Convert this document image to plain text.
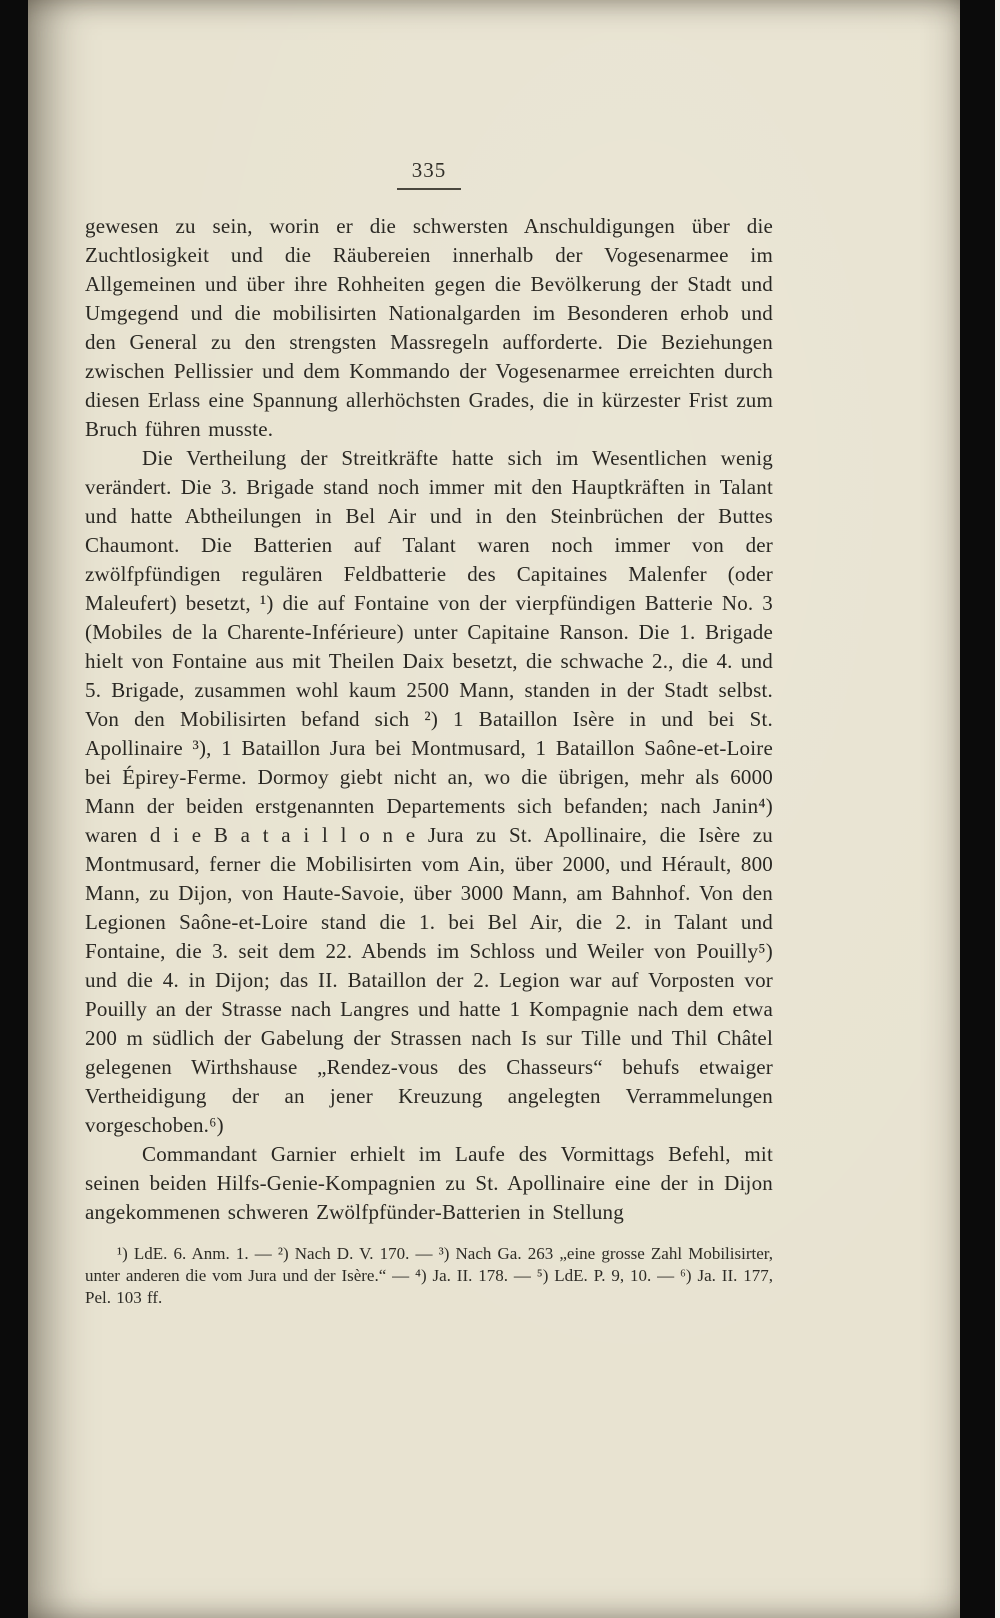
335

gewesen zu sein, worin er die schwersten Anschuldigungen über die Zuchtlosigkeit und die Räubereien innerhalb der Vogesenarmee im Allgemeinen und über ihre Rohheiten gegen die Bevölkerung der Stadt und Umgegend und die mobilisirten Nationalgarden im Besonderen erhob und den General zu den strengsten Massregeln aufforderte. Die Beziehungen zwischen Pellissier und dem Kommando der Vogesenarmee erreichten durch diesen Erlass eine Spannung allerhöchsten Grades, die in kürzester Frist zum Bruch führen musste.

Die Vertheilung der Streitkräfte hatte sich im Wesentlichen wenig verändert. Die 3. Brigade stand noch immer mit den Hauptkräften in Talant und hatte Abtheilungen in Bel Air und in den Steinbrüchen der Buttes Chaumont. Die Batterien auf Talant waren noch immer von der zwölfpfündigen regulären Feldbatterie des Capitaines Malenfer (oder Maleufert) besetzt, ¹) die auf Fontaine von der vierpfündigen Batterie No. 3 (Mobiles de la Charente-Inférieure) unter Capitaine Ranson. Die 1. Brigade hielt von Fontaine aus mit Theilen Daix besetzt, die schwache 2., die 4. und 5. Brigade, zusammen wohl kaum 2500 Mann, standen in der Stadt selbst. Von den Mobilisirten befand sich ²) 1 Bataillon Isère in und bei St. Apollinaire ³), 1 Bataillon Jura bei Montmusard, 1 Bataillon Saône-et-Loire bei Épirey-Ferme. Dormoy giebt nicht an, wo die übrigen, mehr als 6000 Mann der beiden erstgenannten Departements sich befanden; nach Janin⁴) waren d i e B a t a i l l o n e Jura zu St. Apollinaire, die Isère zu Montmusard, ferner die Mobilisirten vom Ain, über 2000, und Hérault, 800 Mann, zu Dijon, von Haute-Savoie, über 3000 Mann, am Bahnhof. Von den Legionen Saône-et-Loire stand die 1. bei Bel Air, die 2. in Talant und Fontaine, die 3. seit dem 22. Abends im Schloss und Weiler von Pouilly⁵) und die 4. in Dijon; das II. Bataillon der 2. Legion war auf Vorposten vor Pouilly an der Strasse nach Langres und hatte 1 Kompagnie nach dem etwa 200 m südlich der Gabelung der Strassen nach Is sur Tille und Thil Châtel gelegenen Wirthshause „Rendez-vous des Chasseurs“ behufs etwaiger Vertheidigung der an jener Kreuzung angelegten Verrammelungen vorgeschoben.⁶)

Commandant Garnier erhielt im Laufe des Vormittags Befehl, mit seinen beiden Hilfs-Genie-Kompagnien zu St. Apollinaire eine der in Dijon angekommenen schweren Zwölfpfünder-Batterien in Stellung

¹) LdE. 6. Anm. 1. — ²) Nach D. V. 170. — ³) Nach Ga. 263 „eine grosse Zahl Mobilisirter, unter anderen die vom Jura und der Isère.“ — ⁴) Ja. II. 178. — ⁵) LdE. P. 9, 10. — ⁶) Ja. II. 177, Pel. 103 ff.
